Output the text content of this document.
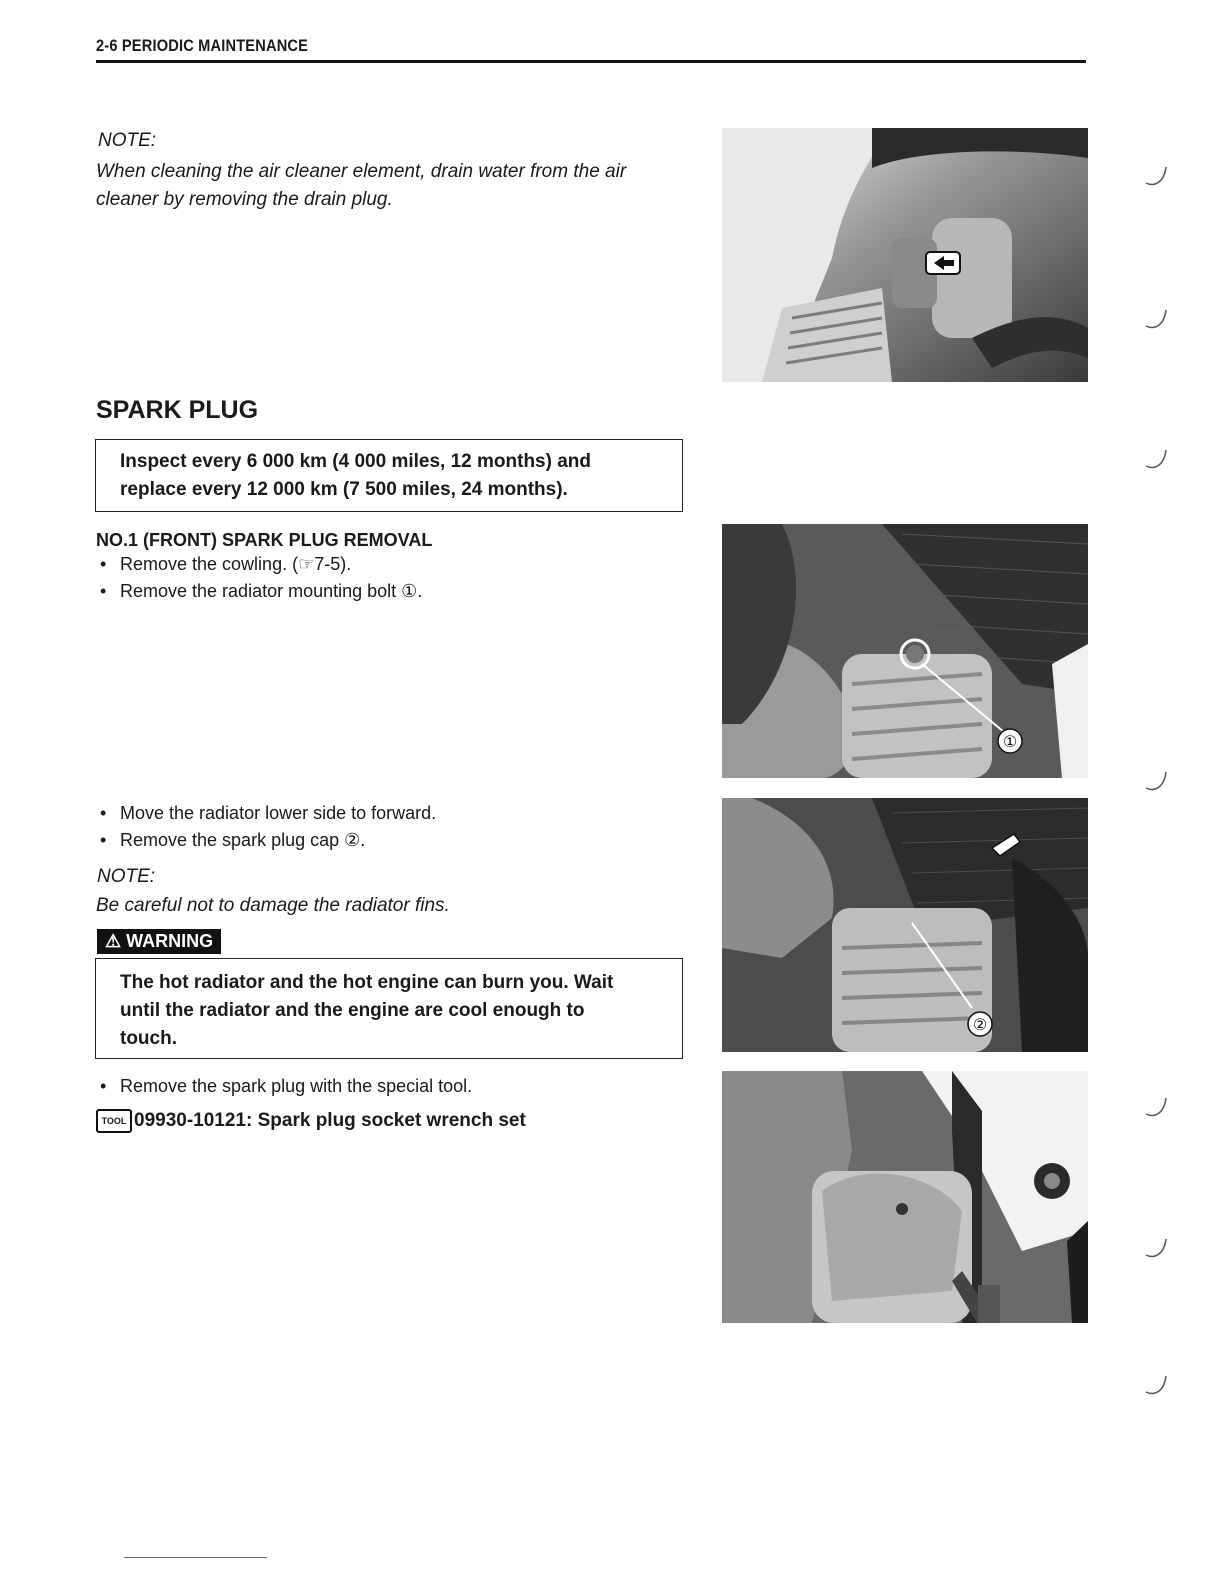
2-6 PERIODIC MAINTENANCE
NOTE:
When cleaning the air cleaner element, drain water from the air
cleaner by removing the drain plug.
SPARK PLUG
Inspect every 6 000 km (4 000 miles, 12 months) and
replace every 12 000 km (7 500 miles, 24 months).
NO.1 (FRONT) SPARK PLUG REMOVAL
• Remove the cowling. (☞7-5).
• Remove the radiator mounting bolt ①.
①
• Move the radiator lower side to forward.
• Remove the spark plug cap ②.
NOTE:
Be careful not to damage the radiator fins.
⚠ WARNING
The hot radiator and the hot engine can burn you. Wait
until the radiator and the engine are cool enough to
touch.
②
• Remove the spark plug with the special tool.
TOOL 09930-10121: Spark plug socket wrench set
